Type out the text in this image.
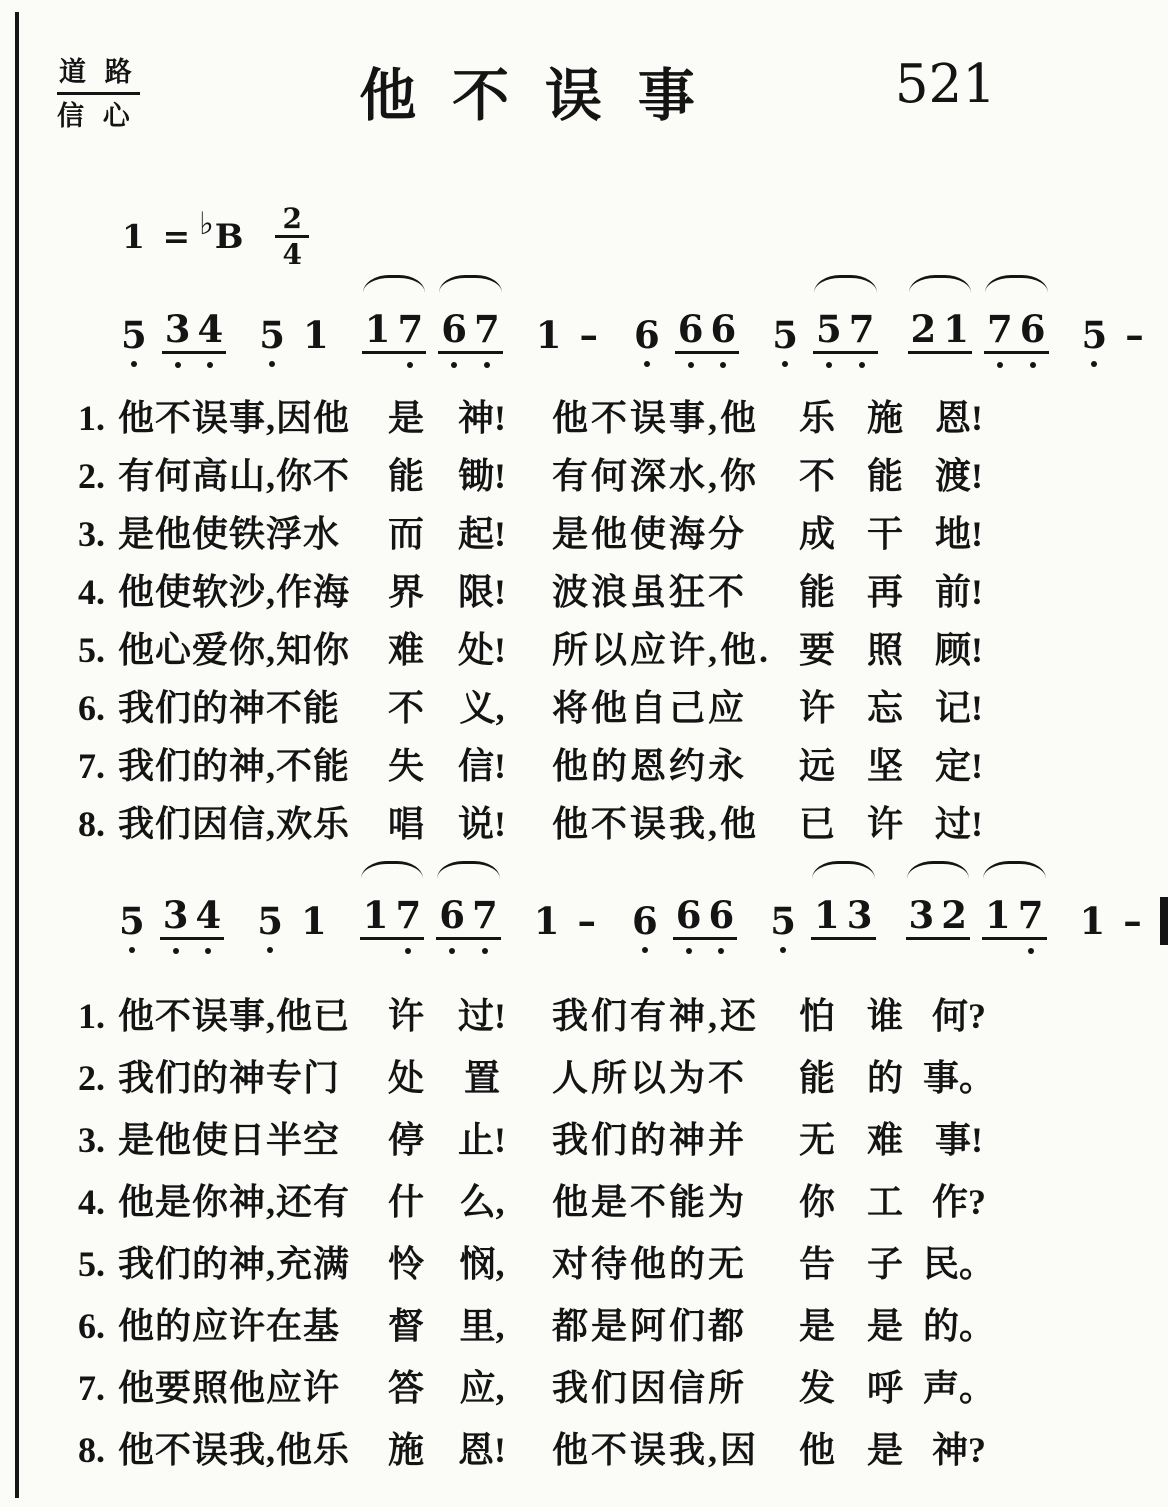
道 路
信 心	他 不 误 事	521
1 = ♭ B $\frac{2}{4}$
5 3 4 5 1 1 7 6 7 1 – 6 6 6 5 5 7 2 1 7 6 5 –
1. 他不误事,因他	是 神!	他不误事,他	乐 施 恩!
2. 有何高山,你不	能 锄!	有何深水,你	不 能 渡!
3. 是他使铁浮水	而 起!	是他使海分	成 干 地!
4. 他使软沙,作海	界 限!	波浪虽狂不	能 再 前!
5. 他心爱你,知你	难 处!	所以应许,他. 要 照 顾!
6. 我们的神不能	不 义,	将他自己应	许 忘 记!
7. 我们的神,不能	失 信!	他的恩约永	远 坚 定!
8. 我们因信,欢乐	唱 说!	他不误我,他	已 许 过!
5 3 4 5 1 1 7 6 7 1 – 6 6 6 5 1 3 3 2 1 7 1 –
1. 他不误事,他已	许 过!	我们有神,还	怕 谁 何?
2. 我们的神专门	处	置	人所以为不	能 的 事。
3. 是他使日半空	停 止!	我们的神并	无 难 事!
4. 他是你神,还有	什 么,	他是不能为	你 工 作?
5. 我们的神,充满	怜 悯,	对待他的无	告 子 民。
6. 他的应许在基	督 里,	都是阿们都	是 是 的。
7. 他要照他应许	答 应,	我们因信所	发 呼 声。
8. 他不误我,他乐	施 恩!	他不误我,因	他 是 神?
